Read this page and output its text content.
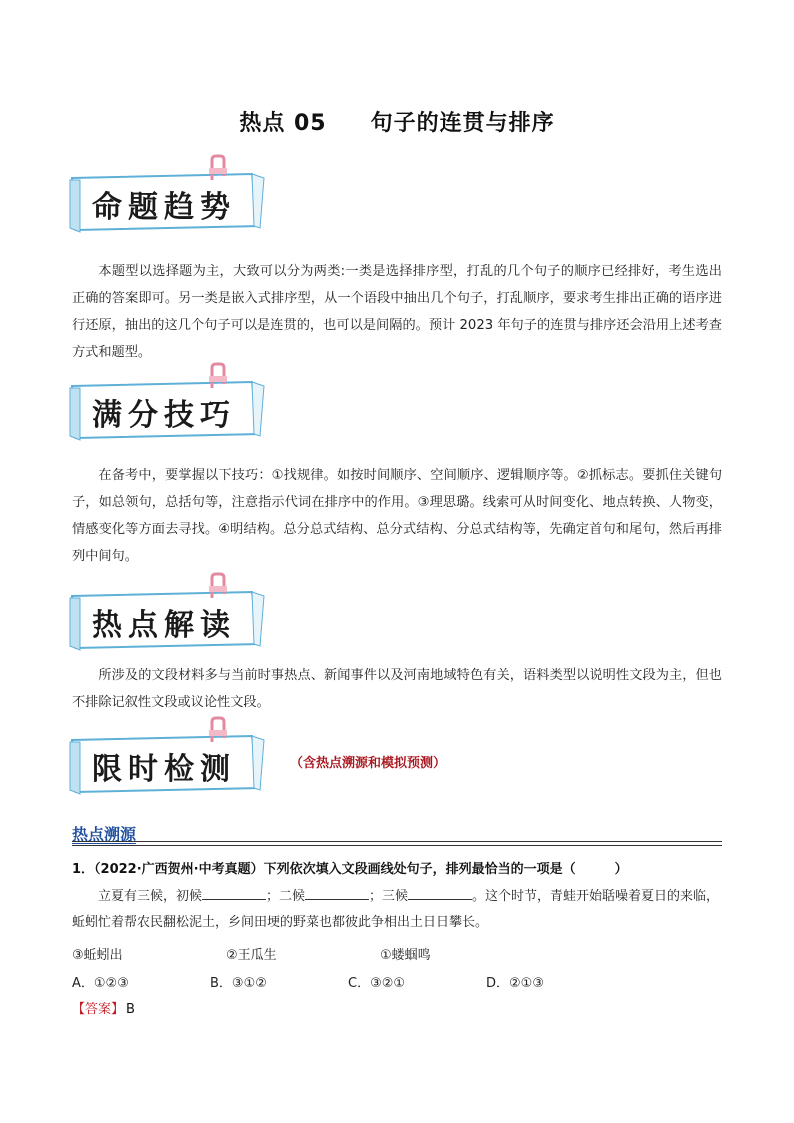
热点 05 句子的连贯与排序
命题趋势
本题型以选择题为主，大致可以分为两类:一类是选择排序型，打乱的几个句子的顺序已经排好，考生选出正确的答案即可。另一类是嵌入式排序型，从一个语段中抽出几个句子，打乱顺序，要求考生排出正确的语序进行还原，抽出的这几个句子可以是连贯的，也可以是间隔的。预计 2023 年句子的连贯与排序还会沿用上述考查方式和题型。
满分技巧
在备考中，要掌握以下技巧：①找规律。如按时间顺序、空间顺序、逻辑顺序等。②抓标志。要抓住关键句子，如总领句，总括句等，注意指示代词在排序中的作用。③理思璐。线索可从时间变化、地点转换、人物变，情感变化等方面去寻找。④明结构。总分总式结构、总分式结构、分总式结构等，先确定首句和尾句，然后再排列中间句。
热点解读
所涉及的文段材料多与当前时事热点、新闻事件以及河南地域特色有关，语料类型以说明性文段为主，但也不排除记叙性文段或议论性文段。
限时检测	（含热点溯源和模拟预测）
热点溯源
1．（2022·广西贺州·中考真题）下列依次填入文段画线处句子，排列最恰当的一项是（　　　）
立夏有三候，初候	；二候	；三候	。这个时节，青蛙开始聒噪着夏日的来临，蚯蚓忙着帮农民翻松泥土，乡间田埂的野菜也都彼此争相出土日日攀长。
③蚯蚓出	②王瓜生	①蝼蝈鸣
A．①②③	B．③①②	C．③②①	D．②①③
【答案】 B
